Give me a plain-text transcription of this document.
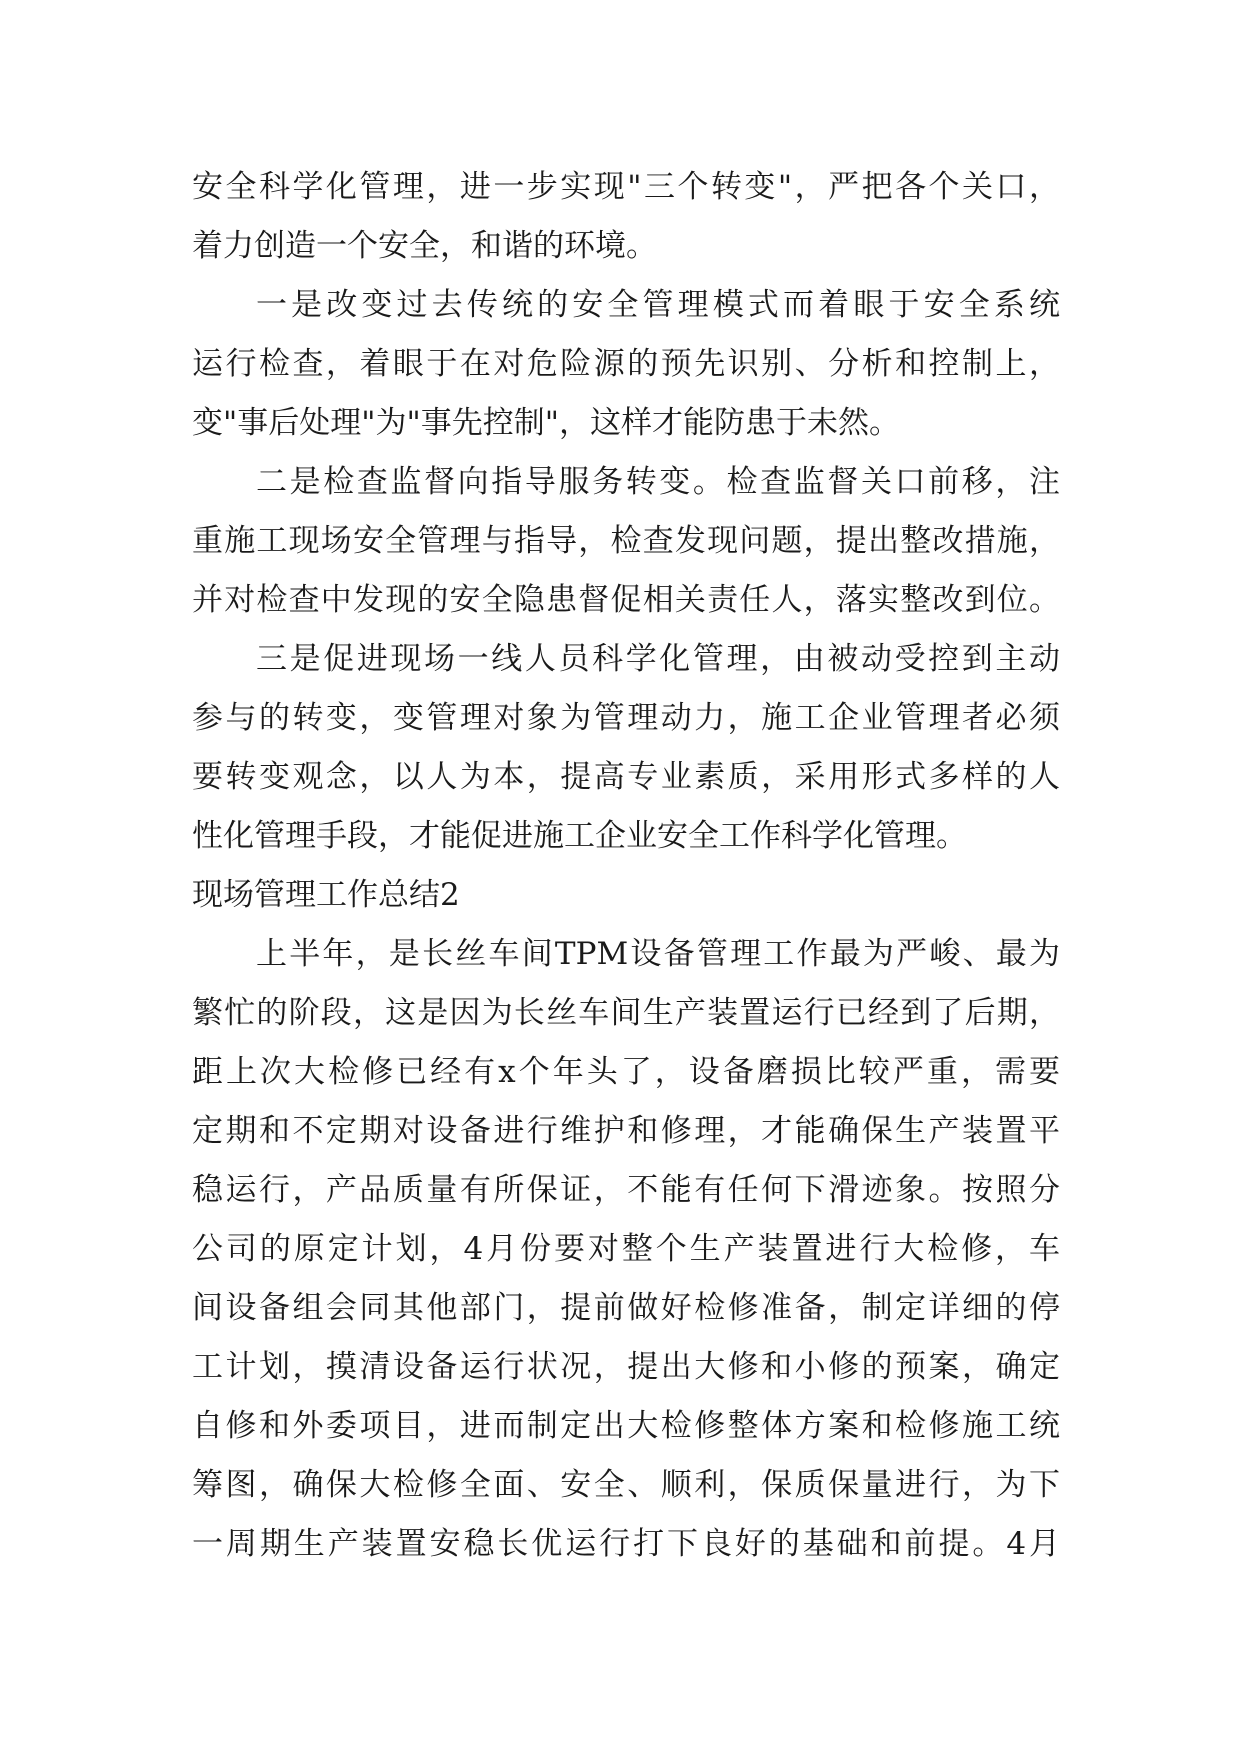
安全科学化管理，进一步实现"三个转变"，严把各个关口，
着力创造一个安全，和谐的环境。
一是改变过去传统的安全管理模式而着眼于安全系统
运行检查，着眼于在对危险源的预先识别、分析和控制上，
变"事后处理"为"事先控制"，这样才能防患于未然。
二是检查监督向指导服务转变。检查监督关口前移，注
重施工现场安全管理与指导，检查发现问题，提出整改措施，
并对检查中发现的安全隐患督促相关责任人，落实整改到位。
三是促进现场一线人员科学化管理，由被动受控到主动
参与的转变，变管理对象为管理动力，施工企业管理者必须
要转变观念，以人为本，提高专业素质，采用形式多样的人
性化管理手段，才能促进施工企业安全工作科学化管理。
现场管理工作总结2
上半年，是长丝车间TPM设备管理工作最为严峻、最为
繁忙的阶段，这是因为长丝车间生产装置运行已经到了后期，
距上次大检修已经有x个年头了，设备磨损比较严重，需要
定期和不定期对设备进行维护和修理，才能确保生产装置平
稳运行，产品质量有所保证，不能有任何下滑迹象。按照分
公司的原定计划，4月份要对整个生产装置进行大检修，车
间设备组会同其他部门，提前做好检修准备，制定详细的停
工计划，摸清设备运行状况，提出大修和小修的预案，确定
自修和外委项目，进而制定出大检修整体方案和检修施工统
筹图，确保大检修全面、安全、顺利，保质保量进行，为下
一周期生产装置安稳长优运行打下良好的基础和前提。4月
